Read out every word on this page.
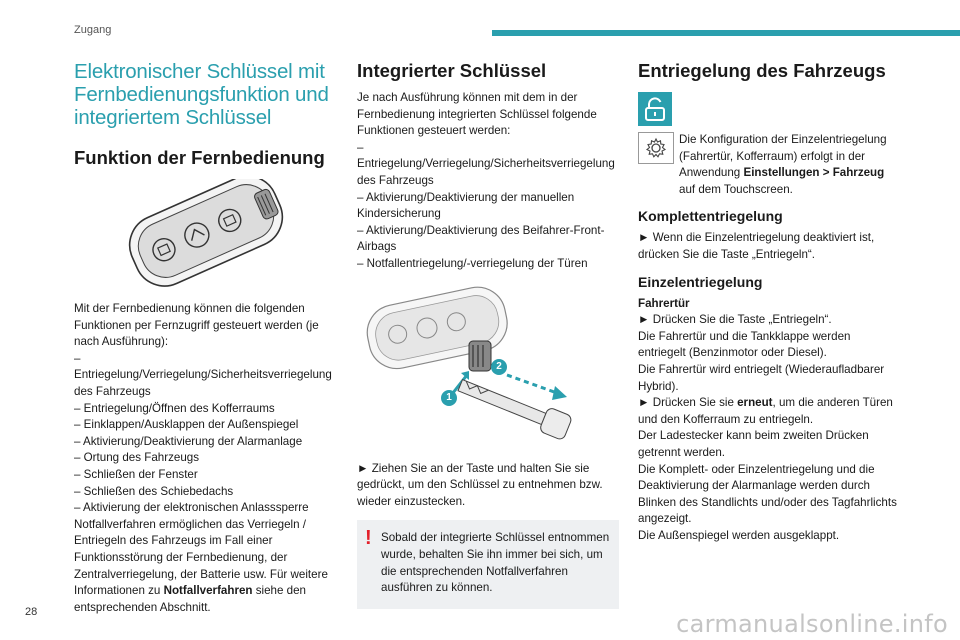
Zugang
Elektronischer Schlüssel mit Fernbedienungsfunktion und integriertem Schlüssel
Funktion der Fernbedienung

Mit der Fernbedienung können die folgenden Funktionen per Fernzugriff gesteuert werden (je nach Ausführung):

– Entriegelung/Verriegelung/Sicherheitsverriegelung des Fahrzeugs
– Entriegelung/Öffnen des Kofferraums
– Einklappen/Ausklappen der Außenspiegel
– Aktivierung/Deaktivierung der Alarmanlage
– Ortung des Fahrzeugs
– Schließen der Fenster
– Schließen des Schiebedachs
– Aktivierung der elektronischen Anlasssperre

Notfallverfahren ermöglichen das Verriegeln / Entriegeln des Fahrzeugs im Fall einer Funktionsstörung der Fernbedienung, der Zentralverriegelung, der Batterie usw. Für weitere Informationen zu Notfallverfahren siehe den entsprechenden Abschnitt.

Integrierter Schlüssel

Je nach Ausführung können mit dem in der Fernbedienung integrierten Schlüssel folgende Funktionen gesteuert werden:

– Entriegelung/Verriegelung/Sicherheitsverriegelung des Fahrzeugs
– Aktivierung/Deaktivierung der manuellen Kindersicherung
– Aktivierung/Deaktivierung des Beifahrer-Front-Airbags
– Notfallentriegelung/-verriegelung der Türen
1
2

► Ziehen Sie an der Taste und halten Sie sie gedrückt, um den Schlüssel zu entnehmen bzw. wieder einzustecken.

! Sobald der integrierte Schlüssel entnommen wurde, behalten Sie ihn immer bei sich, um die entsprechenden Notfallverfahren ausführen zu können.
Entriegelung des Fahrzeugs
Die Konfiguration der Einzelentriegelung (Fahrertür, Kofferraum) erfolgt in der Anwendung Einstellungen > Fahrzeug auf dem Touchscreen.
Komplettentriegelung

► Wenn die Einzelentriegelung deaktiviert ist, drücken Sie die Taste „Entriegeln“.

Einzelentriegelung

Fahrertür

► Drücken Sie die Taste „Entriegeln“.

Die Fahrertür und die Tankklappe werden entriegelt (Benzinmotor oder Diesel).

Die Fahrertür wird entriegelt (Wiederaufladbarer Hybrid).

► Drücken Sie sie erneut, um die anderen Türen und den Kofferraum zu entriegeln.

Der Ladestecker kann beim zweiten Drücken getrennt werden.

Die Komplett- oder Einzelentriegelung und die Deaktivierung der Alarmanlage werden durch Blinken des Standlichts und/oder des Tagfahrlichts angezeigt.

Die Außenspiegel werden ausgeklappt.

28	carmanualsonline.info
